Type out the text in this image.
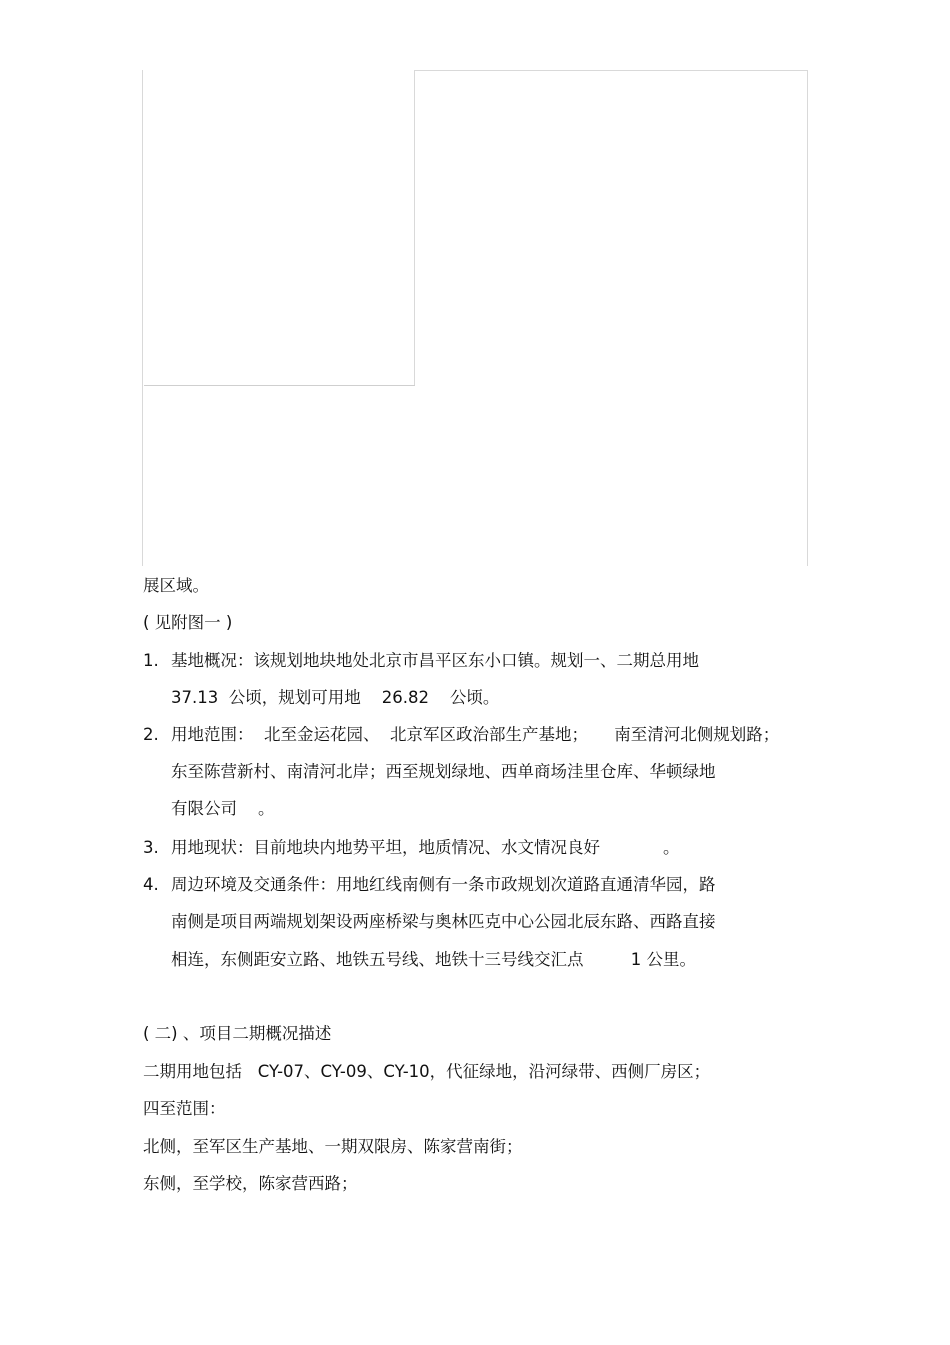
展区域。
( 见附图一 )
1. 基地概况：该规划地块地处北京市昌平区东小口镇。规划一、二期总用地
37.13  公顷，规划可用地    26.82    公顷。
2. 用地范围：  北至金运花园、  北京军区政治部生产基地；     南至清河北侧规划路；
东至陈营新村、南清河北岸；西至规划绿地、西单商场洼里仓库、华顿绿地
有限公司    。
3. 用地现状：目前地块内地势平坦，地质情况、水文情况良好            。
4. 周边环境及交通条件：用地红线南侧有一条市政规划次道路直通清华园，路
南侧是项目两端规划架设两座桥梁与奥林匹克中心公园北辰东路、西路直接
相连，东侧距安立路、地铁五号线、地铁十三号线交汇点         1 公里。
( 二) 、项目二期概况描述
二期用地包括   CY-07、CY-09、CY-10，代征绿地，沿河绿带、西侧厂房区；
四至范围：
北侧，至军区生产基地、一期双限房、陈家营南街；
东侧，至学校，陈家营西路；
